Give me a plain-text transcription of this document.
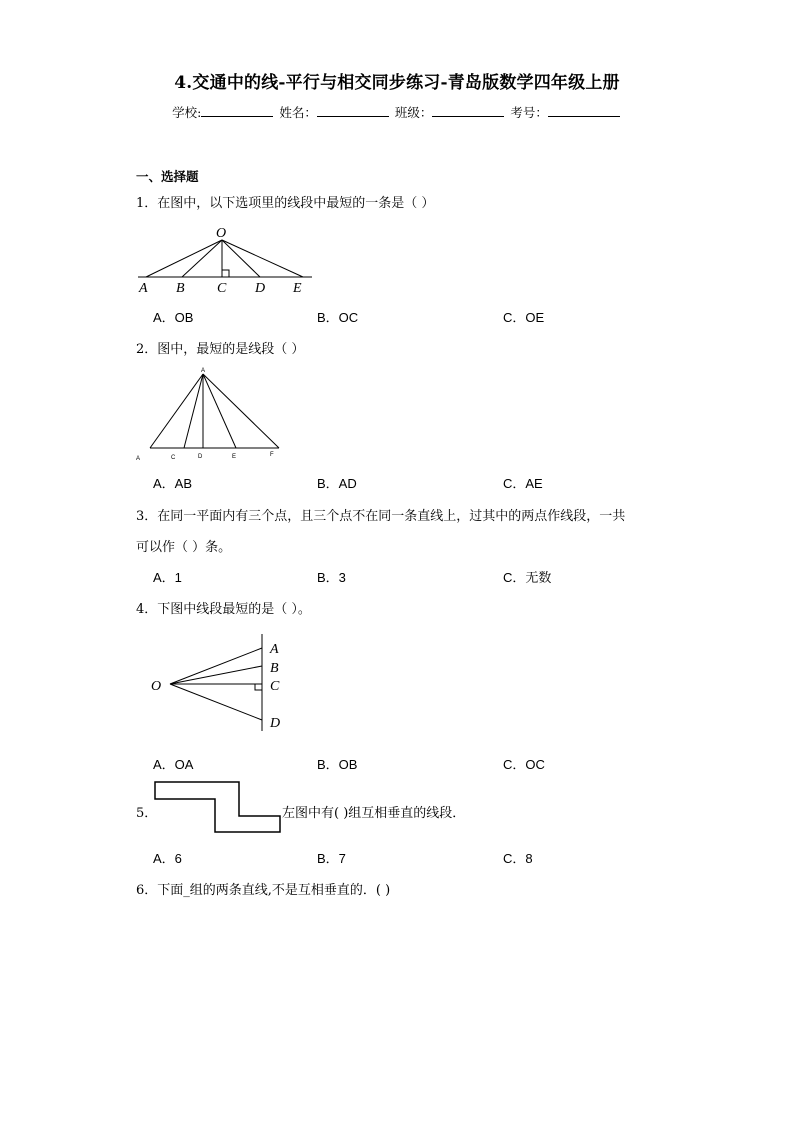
4.交通中的线-平行与相交同步练习-青岛版数学四年级上册
学校:	姓名：	班级：	考号：
一、选择题
1．在图中，以下选项里的线段中最短的一条是（ ）
O
A B C D E
A．OB	B．OC	C．OE
2．图中，最短的是线段（ ）
A
A	C	D	E	F
A．AB	B．AD	C．AE
3．在同一平面内有三个点，且三个点不在同一条直线上，过其中的两点作线段，一共
可以作（ ）条。
A．1	B．3	C．无数
4．下图中线段最短的是（ ）。
O
A
B
C
D
A．OA	B．OB	C．OC
5．	左图中有( )组互相垂直的线段．
A．6	B．7	C．8
6．下面_组的两条直线,不是互相垂直的．( )
